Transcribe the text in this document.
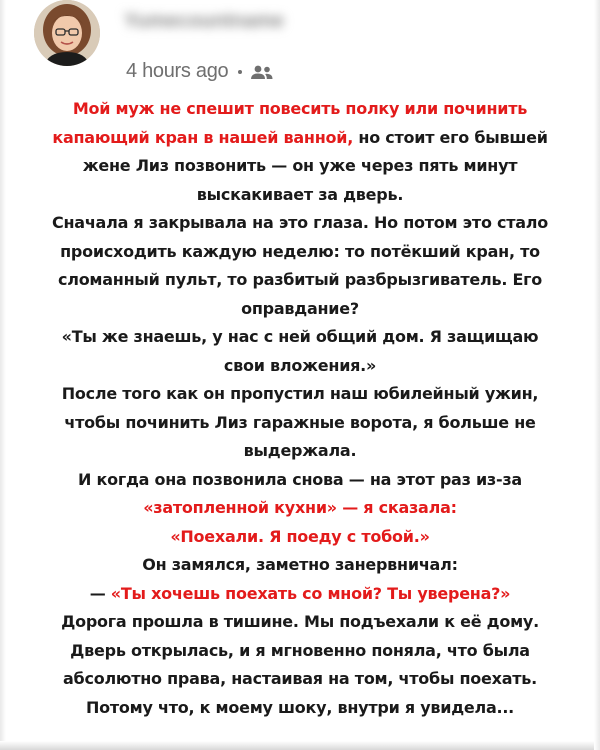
Yumecountname
4 hours ago
Мой муж не спешит повесить полку или починить
капающий кран в нашей ванной, но стоит его бывшей
жене Лиз позвонить — он уже через пять минут
выскакивает за дверь.
Сначала я закрывала на это глаза. Но потом это стало
происходить каждую неделю: то потёкший кран, то
сломанный пульт, то разбитый разбрызгиватель. Его
оправдание?
«Ты же знаешь, у нас с ней общий дом. Я защищаю
свои вложения.»
После того как он пропустил наш юбилейный ужин,
чтобы починить Лиз гаражные ворота, я больше не
выдержала.
И когда она позвонила снова — на этот раз из-за
«затопленной кухни» — я сказала:
«Поехали. Я поеду с тобой.»
Он замялся, заметно занервничал:
— «Ты хочешь поехать со мной? Ты уверена?»
Дорога прошла в тишине. Мы подъехали к её дому.
Дверь открылась, и я мгновенно поняла, что была
абсолютно права, настаивая на том, чтобы поехать.
Потому что, к моему шоку, внутри я увидела...
